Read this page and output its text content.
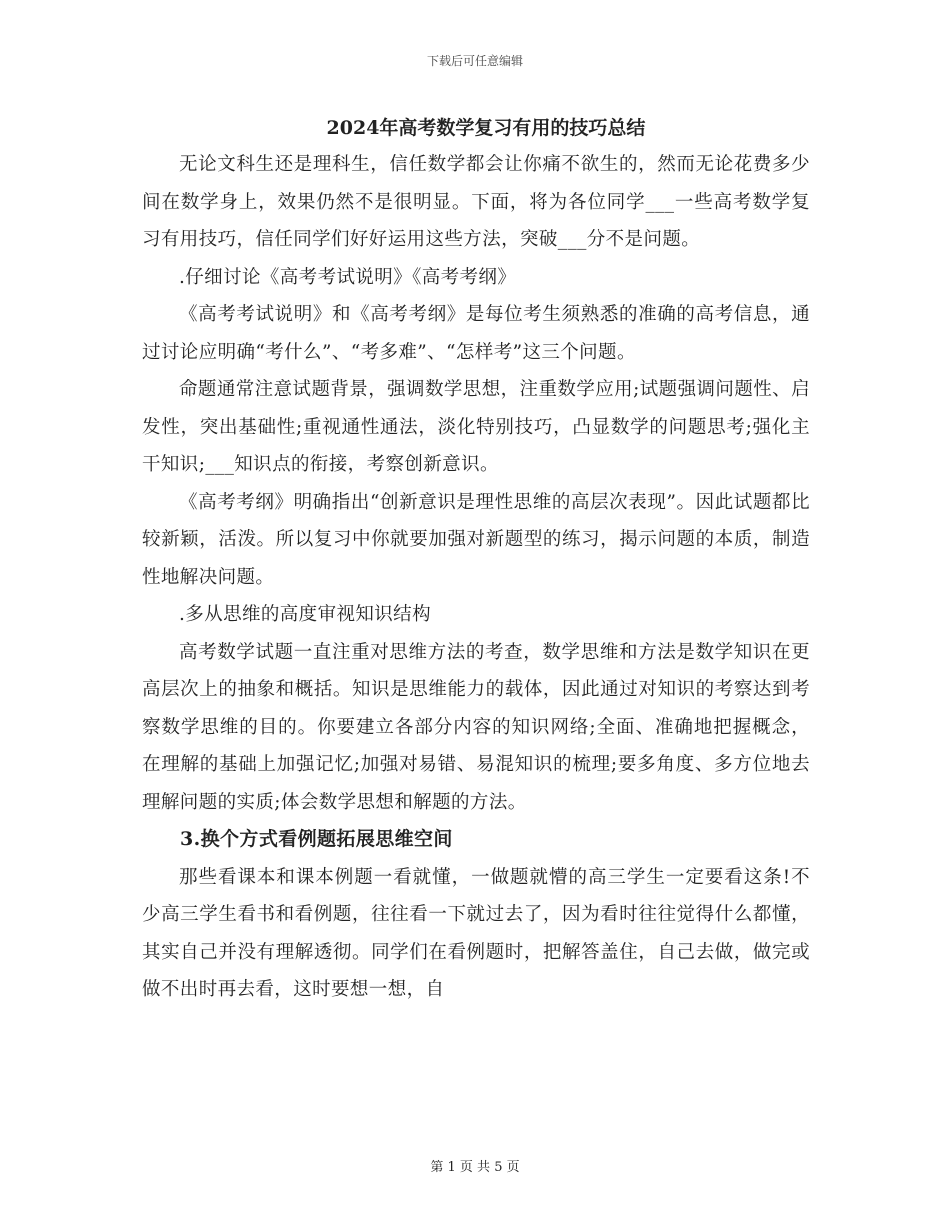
下载后可任意编辑
2024年高考数学复习有用的技巧总结

无论文科生还是理科生，信任数学都会让你痛不欲生的，然而无论花费多少间在数学身上，效果仍然不是很明显。下面，将为各位同学___一些高考数学复习有用技巧，信任同学们好好运用这些方法，突破___分不是问题。

.仔细讨论《高考考试说明》《高考考纲》

《高考考试说明》和《高考考纲》是每位考生须熟悉的准确的高考信息，通过讨论应明确“考什么”、“考多难”、“怎样考”这三个问题。

命题通常注意试题背景，强调数学思想，注重数学应用;试题强调问题性、启发性，突出基础性;重视通性通法，淡化特别技巧，凸显数学的问题思考;强化主干知识;___知识点的衔接，考察创新意识。

《高考考纲》明确指出“创新意识是理性思维的高层次表现”。因此试题都比较新颖，活泼。所以复习中你就要加强对新题型的练习，揭示问题的本质，制造性地解决问题。

.多从思维的高度审视知识结构

高考数学试题一直注重对思维方法的考查，数学思维和方法是数学知识在更高层次上的抽象和概括。知识是思维能力的载体，因此通过对知识的考察达到考察数学思维的目的。你要建立各部分内容的知识网络;全面、准确地把握概念，在理解的基础上加强记忆;加强对易错、易混知识的梳理;要多角度、多方位地去理解问题的实质;体会数学思想和解题的方法。

3.换个方式看例题拓展思维空间

那些看课本和课本例题一看就懂，一做题就懵的高三学生一定要看这条!不少高三学生看书和看例题，往往看一下就过去了，因为看时往往觉得什么都懂，其实自己并没有理解透彻。同学们在看例题时，把解答盖住，自己去做，做完或做不出时再去看，这时要想一想，自

第 1 页 共 5 页
